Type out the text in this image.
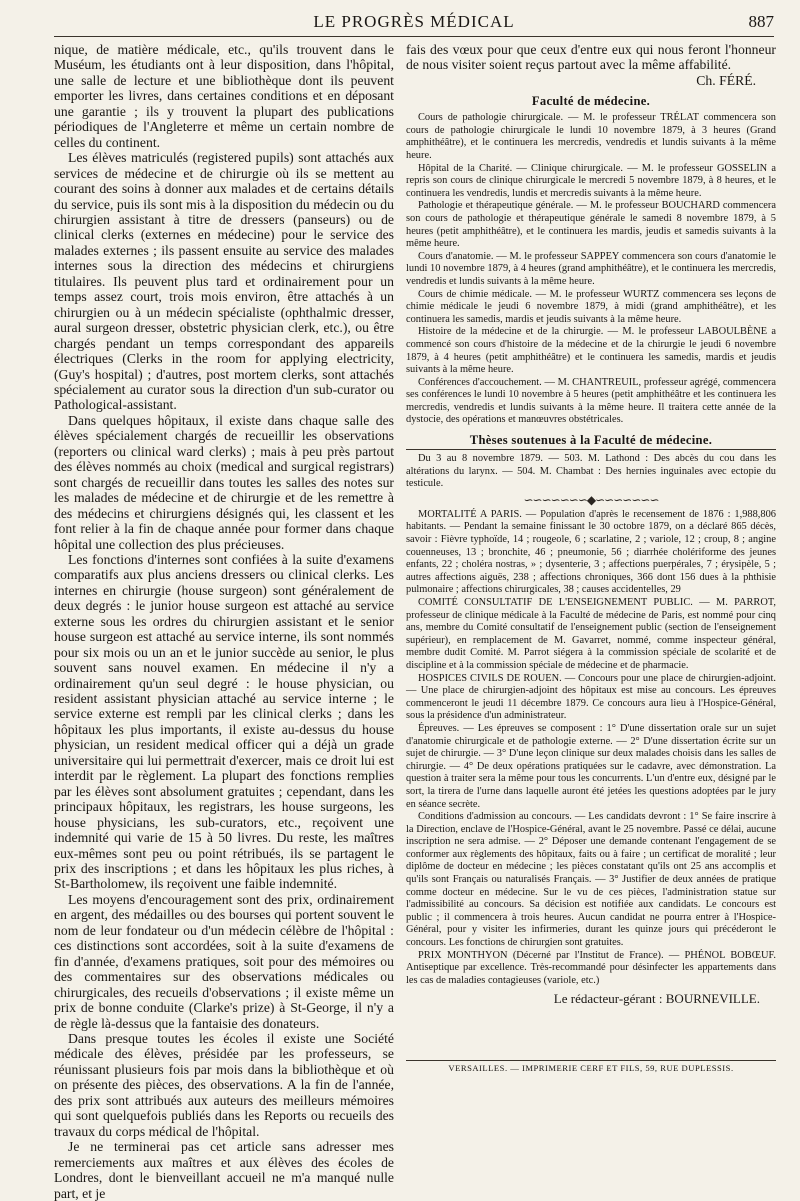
LE PROGRÈS MÉDICAL	887

nique, de matière médicale, etc., qu'ils trouvent dans le Muséum, les étudiants ont à leur disposition, dans l'hôpital, une salle de lecture et une bibliothèque dont ils peuvent emporter les livres, dans certaines conditions et en déposant une garantie ; ils y trouvent la plupart des publications périodiques de l'Angleterre et même un certain nombre de celles du continent.

Les élèves matriculés (registered pupils) sont attachés aux services de médecine et de chirurgie où ils se mettent au courant des soins à donner aux malades et de certains détails du service, puis ils sont mis à la disposition du médecin ou du chirurgien assistant à titre de dressers (panseurs) ou de clinical clerks (externes en médecine) pour le service des malades externes ; ils passent ensuite au service des malades internes sous la direction des médecins et chirurgiens titulaires. Ils peuvent plus tard et ordinairement pour un temps assez court, trois mois environ, être attachés à un chirurgien ou à un médecin spécialiste (ophthalmic dresser, aural surgeon dresser, obstetric physician clerk, etc.), ou être chargés pendant un temps correspondant des appareils électriques (Clerks in the room for applying electricity, (Guy's hospital) ; d'autres, post mortem clerks, sont attachés spécialement au curator sous la direction d'un sub-curator ou Pathological-assistant.

Dans quelques hôpitaux, il existe dans chaque salle des élèves spécialement chargés de recueillir les observations (reporters ou clinical ward clerks) ; mais à peu près partout des élèves nommés au choix (medical and surgical registrars) sont chargés de recueillir dans toutes les salles des notes sur les malades de médecine et de chirurgie et de les remettre à des médecins et chirurgiens désignés qui, les classent et les font relier à la fin de chaque année pour former dans chaque hôpital une collection des plus précieuses.

Les fonctions d'internes sont confiées à la suite d'examens comparatifs aux plus anciens dressers ou clinical clerks. Les internes en chirurgie (house surgeon) sont généralement de deux degrés : le junior house surgeon est attaché au service externe sous les ordres du chirurgien assistant et le senior house surgeon est attaché au service interne, ils sont nommés pour six mois ou un an et le junior succède au senior, le plus souvent sans nouvel examen. En médecine il n'y a ordinairement qu'un seul degré : le house physician, ou resident assistant physician attaché au service interne ; le service externe est rempli par les clinical clerks ; dans les hôpitaux les plus importants, il existe au-dessus du house physician, un resident medical officer qui a déjà un grade universitaire qui lui permettrait d'exercer, mais ce droit lui est interdit par le règlement. La plupart des fonctions remplies par les élèves sont absolument gratuites ; cependant, dans les principaux hôpitaux, les registrars, les house surgeons, les house physicians, les sub-curators, etc., reçoivent une indemnité qui varie de 15 à 50 livres. Du reste, les maîtres eux-mêmes sont peu ou point rétribués, ils se partagent le prix des inscriptions ; et dans les hôpitaux les plus riches, à St-Bartholomew, ils reçoivent une faible indemnité.

Les moyens d'encouragement sont des prix, ordinairement en argent, des médailles ou des bourses qui portent souvent le nom de leur fondateur ou d'un médecin célèbre de l'hôpital : ces distinctions sont accordées, soit à la suite d'examens de fin d'année, d'examens pratiques, soit pour des mémoires ou des commentaires sur des observations médicales ou chirurgicales, des recueils d'observations ; il existe même un prix de bonne conduite (Clarke's prize) à St-George, il n'y a de règle là-dessus que la fantaisie des donateurs.

Dans presque toutes les écoles il existe une Société médicale des élèves, présidée par les professeurs, se réunissant plusieurs fois par mois dans la bibliothèque et où on présente des pièces, des observations. A la fin de l'année, des prix sont attribués aux auteurs des meilleurs mémoires qui sont quelquefois publiés dans les Reports ou recueils des travaux du corps médical de l'hôpital.

Je ne terminerai pas cet article sans adresser mes remerciements aux maîtres et aux élèves des écoles de Londres, dont le bienveillant accueil ne m'a manqué nulle part, et je

fais des vœux pour que ceux d'entre eux qui nous feront l'honneur de nous visiter soient reçus partout avec la même affabilité.

Ch. FÉRÉ.

Faculté de médecine.

Cours de pathologie chirurgicale. — M. le professeur TRÉLAT commencera son cours de pathologie chirurgicale le lundi 10 novembre 1879, à 3 heures (Grand amphithéâtre), et le continuera les mercredis, vendredis et lundis suivants à la même heure.

Hôpital de la Charité. — Clinique chirurgicale. — M. le professeur GOSSELIN a repris son cours de clinique chirurgicale le mercredi 5 novembre 1879, à 8 heures, et le continuera les vendredis, lundis et mercredis suivants à la même heure.

Pathologie et thérapeutique générale. — M. le professeur BOUCHARD commencera son cours de pathologie et thérapeutique générale le samedi 8 novembre 1879, à 5 heures (petit amphithéâtre), et le continuera les mardis, jeudis et samedis suivants à la même heure.

Cours d'anatomie. — M. le professeur SAPPEY commencera son cours d'anatomie le lundi 10 novembre 1879, à 4 heures (grand amphithéâtre), et le continuera les mercredis, vendredis et lundis suivants à la même heure.

Cours de chimie médicale. — M. le professeur WURTZ commencera ses leçons de chimie médicale le jeudi 6 novembre 1879, à midi (grand amphithéâtre), et les continuera les samedis, mardis et jeudis suivants à la même heure.

Histoire de la médecine et de la chirurgie. — M. le professeur LABOULBÈNE a commencé son cours d'histoire de la médecine et de la chirurgie le jeudi 6 novembre 1879, à 4 heures (petit amphithéâtre) et le continuera les samedis, mardis et jeudis suivants à la même heure.

Conférences d'accouchement. — M. CHANTREUIL, professeur agrégé, commencera ses conférences le lundi 10 novembre à 5 heures (petit amphithéâtre et les continuera les mercredis, vendredis et lundis suivants à la même heure. Il traitera cette année de la dystocie, des opérations et manœuvres obstétricales.

Thèses soutenues à la Faculté de médecine.

Du 3 au 8 novembre 1879. — 503. M. Lathond : Des abcès du cou dans les altérations du larynx. — 504. M. Chambat : Des hernies inguinales avec ectopie du testicule.

∽∽∽∽∽∽∽◆∽∽∽∽∽∽∽

MORTALITÉ A PARIS. — Population d'après le recensement de 1876 : 1,988,806 habitants. — Pendant la semaine finissant le 30 octobre 1879, on a déclaré 865 décès, savoir : Fièvre typhoïde, 14 ; rougeole, 6 ; scarlatine, 2 ; variole, 12 ; croup, 8 ; angine couenneuses, 13 ; bronchite, 46 ; pneumonie, 56 ; diarrhée cholériforme des jeunes enfants, 22 ; choléra nostras, » ; dysenterie, 3 ; affections puerpérales, 7 ; érysipèle, 5 ; autres affections aiguës, 238 ; affections chroniques, 366 dont 156 dues à la phthisie pulmonaire ; affections chirurgicales, 38 ; causes accidentelles, 29

COMITÉ CONSULTATIF DE L'ENSEIGNEMENT PUBLIC. — M. PARROT, professeur de clinique médicale à la Faculté de médecine de Paris, est nommé pour cinq ans, membre du Comité consultatif de l'enseignement public (section de l'enseignement supérieur), en remplacement de M. Gavarret, nommé, comme inspecteur général, membre dudit Comité. M. Parrot siégera à la commission spéciale de scolarité et de discipline et à la commission spéciale de médecine et de pharmacie.

HOSPICES CIVILS DE ROUEN. — Concours pour une place de chirurgien-adjoint. — Une place de chirurgien-adjoint des hôpitaux est mise au concours. Les épreuves commenceront le jeudi 11 décembre 1879. Ce concours aura lieu à l'Hospice-Général, sous la présidence d'un administrateur.

Épreuves. — Les épreuves se composent : 1° D'une dissertation orale sur un sujet d'anatomie chirurgicale et de pathologie externe. — 2° D'une dissertation écrite sur un sujet de chirurgie. — 3° D'une leçon clinique sur deux malades choisis dans les salles de chirurgie. — 4° De deux opérations pratiquées sur le cadavre, avec démonstration. La question à traiter sera la même pour tous les concurrents. L'un d'entre eux, désigné par le sort, la tirera de l'urne dans laquelle auront été jetées les questions adoptées par le jury en séance secrète.

Conditions d'admission au concours. — Les candidats devront : 1° Se faire inscrire à la Direction, enclave de l'Hospice-Général, avant le 25 novembre. Passé ce délai, aucune inscription ne sera admise. — 2° Déposer une demande contenant l'engagement de se conformer aux règlements des hôpitaux, faits ou à faire ; un certificat de moralité ; leur diplôme de docteur en médecine ; les pièces constatant qu'ils ont 25 ans accomplis et qu'ils sont Français ou naturalisés Français. — 3° Justifier de deux années de pratique comme docteur en médecine. Sur le vu de ces pièces, l'administration statue sur l'admissibilité au concours. Sa décision est notifiée aux candidats. Le concours est public ; il commencera à trois heures. Aucun candidat ne pourra entrer à l'Hospice-Général, pour y visiter les infirmeries, durant les quinze jours qui précéderont le concours. Les fonctions de chirurgien sont gratuites.

PRIX MONTHYON (Décerné par l'Institut de France). — PHÉNOL BOBŒUF. Antiseptique par excellence. Très-recommandé pour désinfecter les appartements dans les cas de maladies contagieuses (variole, etc.)

Le rédacteur-gérant : BOURNEVILLE.

VERSAILLES. — IMPRIMERIE CERF ET FILS, 59, RUE DUPLESSIS.
